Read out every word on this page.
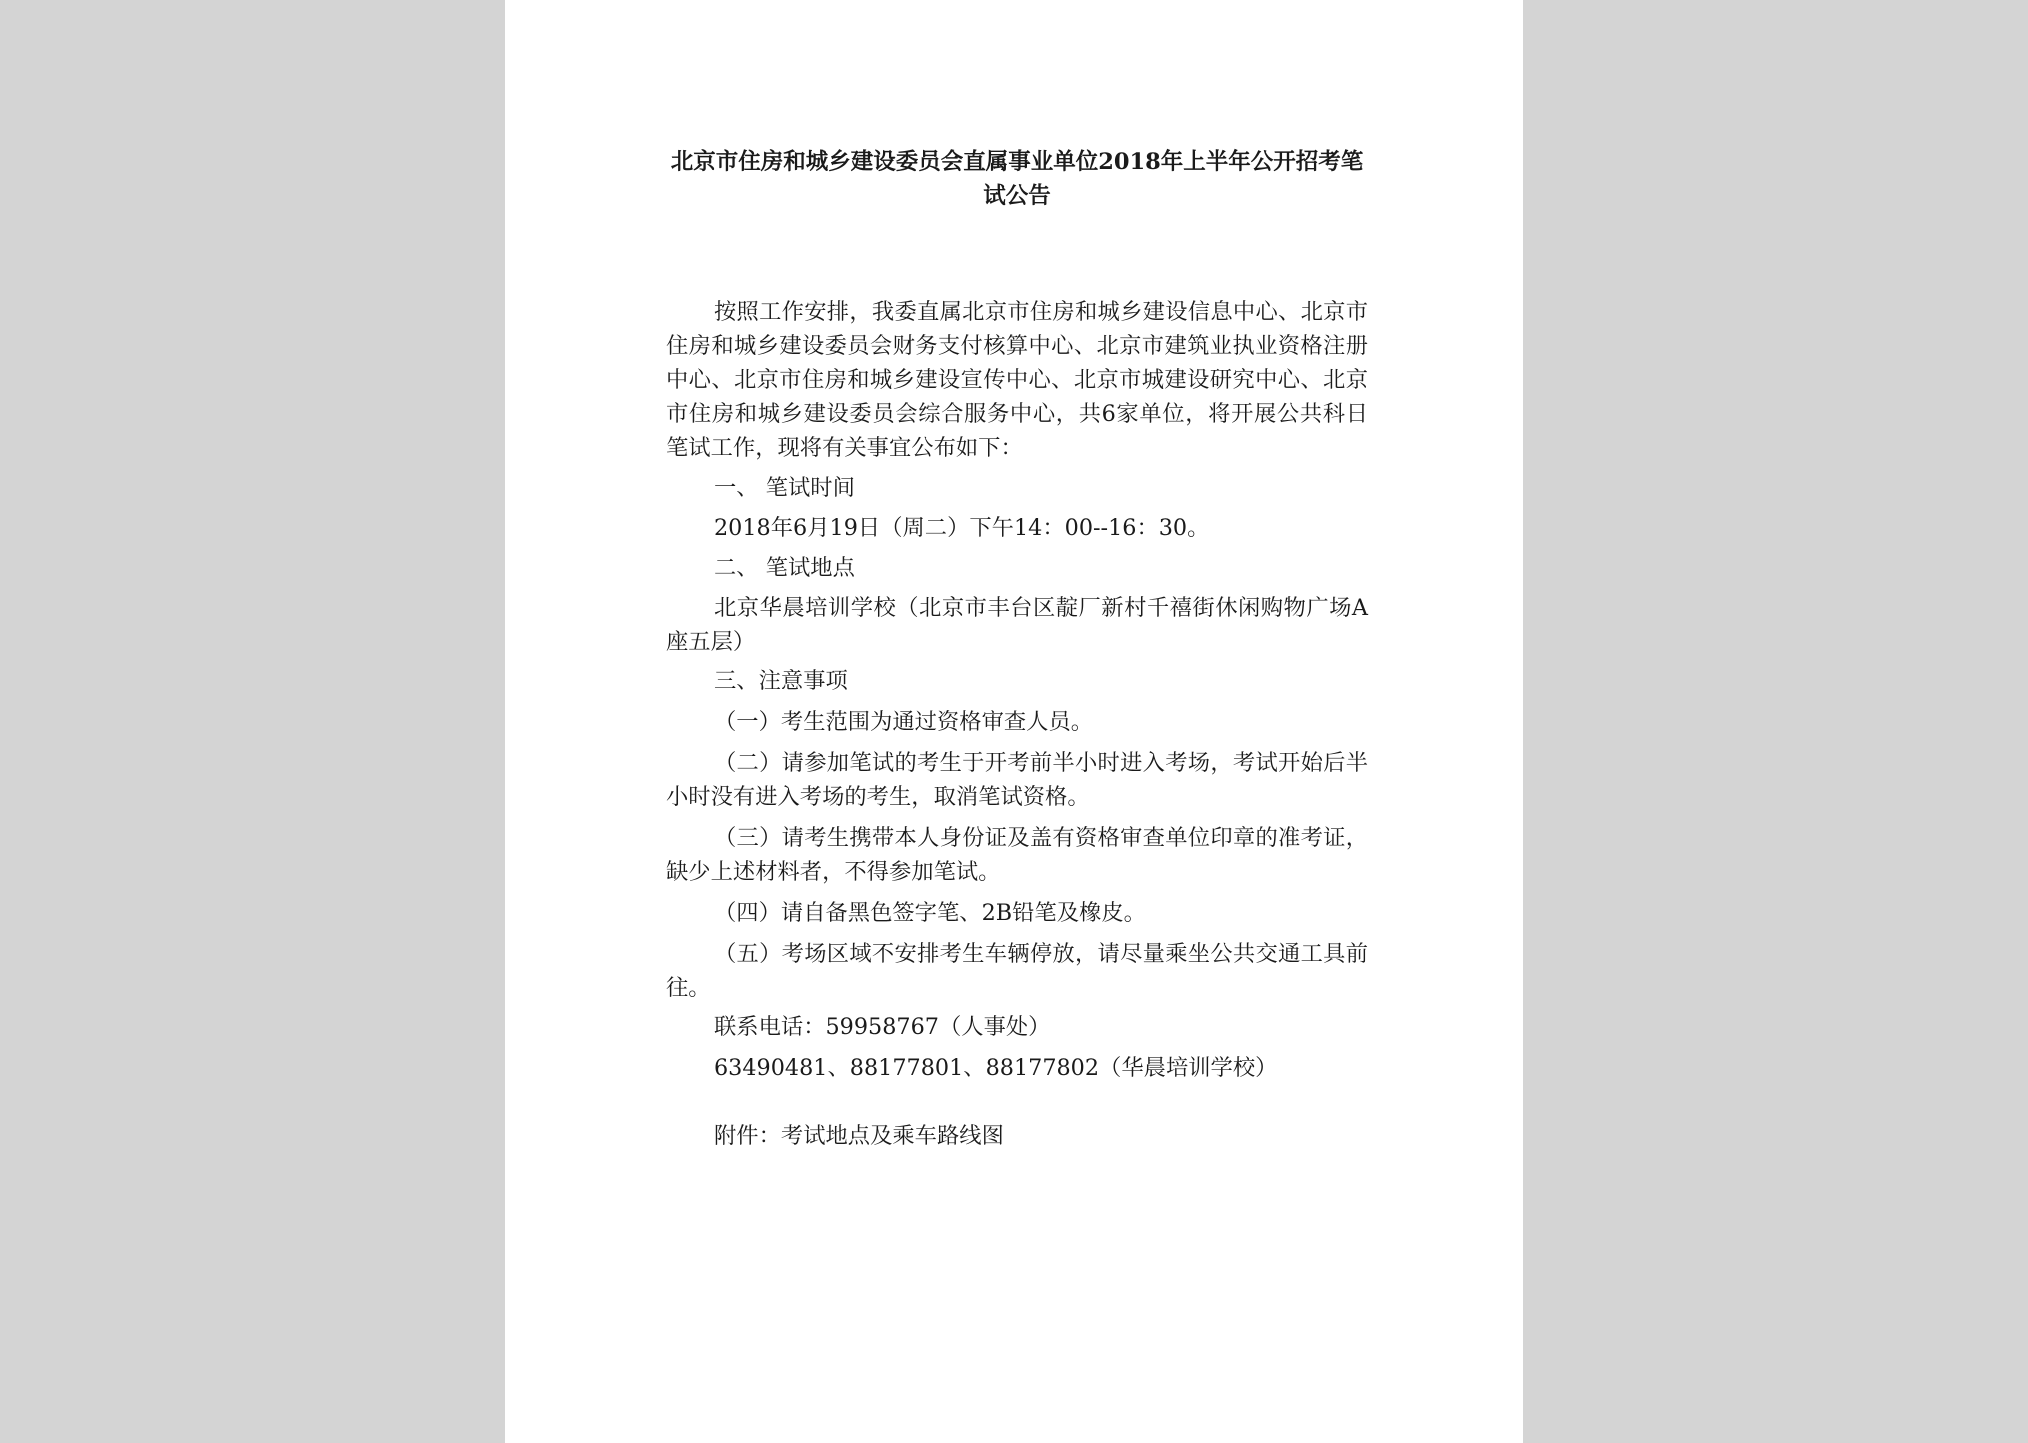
北京市住房和城乡建设委员会直属事业单位2018年上半年公开招考笔试公告

按照工作安排，我委直属北京市住房和城乡建设信息中心、北京市住房和城乡建设委员会财务支付核算中心、北京市建筑业执业资格注册中心、北京市住房和城乡建设宣传中心、北京市城建设研究中心、北京市住房和城乡建设委员会综合服务中心，共6家单位，将开展公共科日笔试工作，现将有关事宜公布如下：

一、 笔试时间

2018年6月19日（周二）下午14：00--16：30。

二、 笔试地点

北京华晨培训学校（北京市丰台区靛厂新村千禧街休闲购物广场A座五层）

三、注意事项

（一）考生范围为通过资格审查人员。

（二）请参加笔试的考生于开考前半小时进入考场，考试开始后半小时没有进入考场的考生，取消笔试资格。

（三）请考生携带本人身份证及盖有资格审查单位印章的准考证，缺少上述材料者，不得参加笔试。

（四）请自备黑色签字笔、2B铅笔及橡皮。

（五）考场区域不安排考生车辆停放，请尽量乘坐公共交通工具前往。

联系电话：59958767（人事处）

63490481、88177801、88177802（华晨培训学校）

附件：考试地点及乘车路线图
